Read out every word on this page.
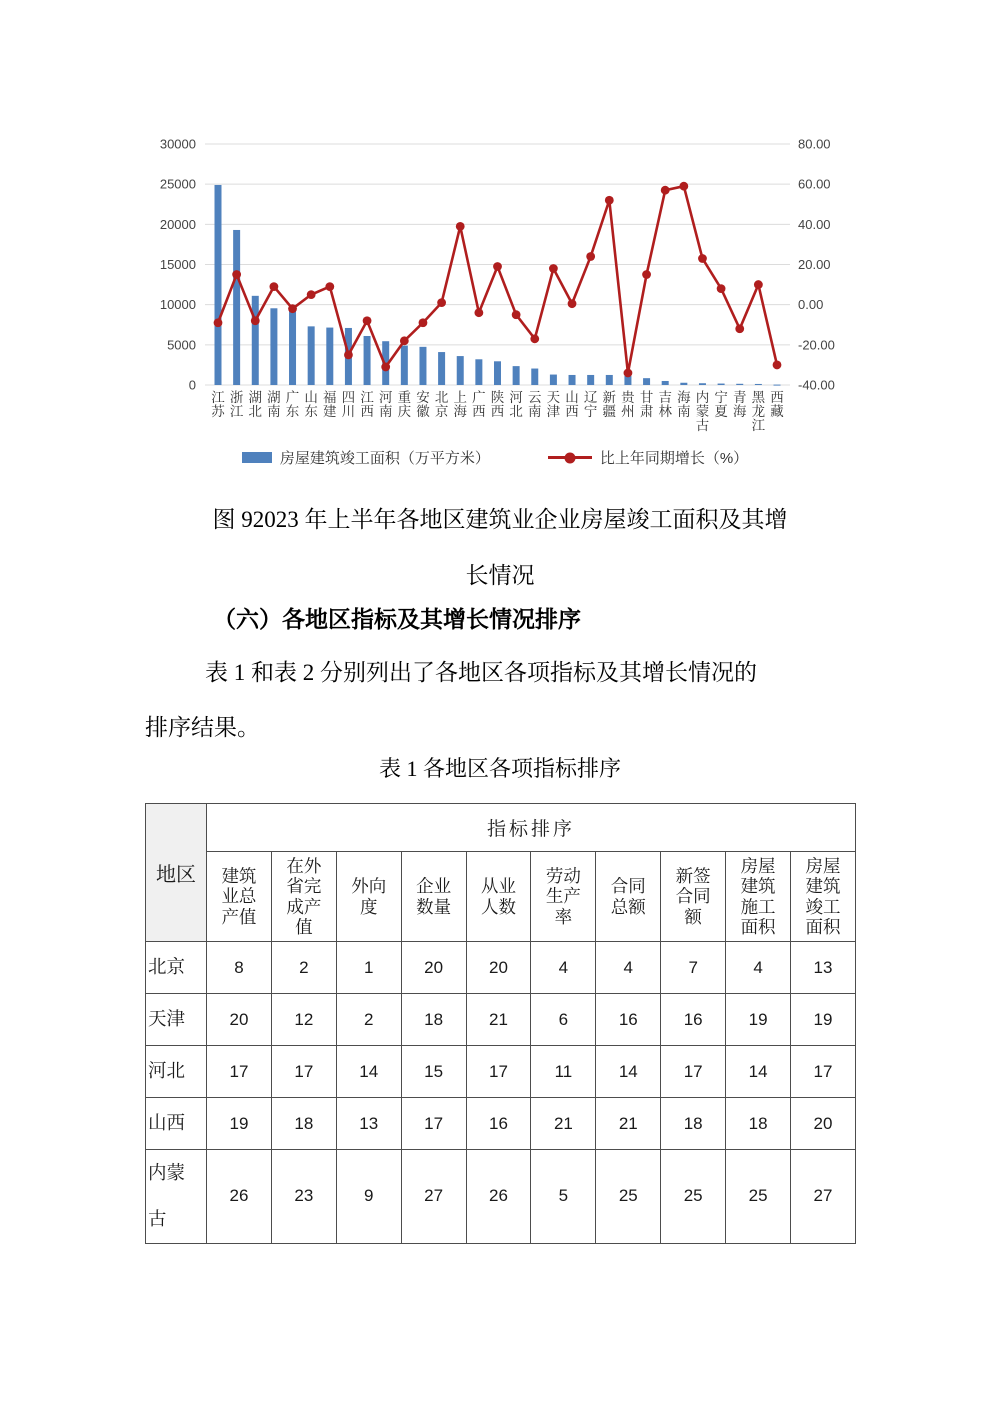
30000	80.00
25000	60.00
20000	40.00
15000	20.00
10000	0.00
5000	-20.00
0	-40.00
江苏
浙江
湖北
湖南
广东
山东
福建
四川
江西
河南
重庆
安徽
北京
上海
广西
陕西
河北
云南
天津
山西
辽宁
新疆
贵州
甘肃
吉林
海南
内蒙古
宁夏
青海
黑龙江
西藏
房屋建筑竣工面积（万平方米）	比上年同期增长（%）
图 92023 年上半年各地区建筑业企业房屋竣工面积及其增
长情况
（六）各地区指标及其增长情况排序
表 1 和表 2 分别列出了各地区各项指标及其增长情况的
排序结果。
表 1 各地区各项指标排序
地区	指标排序									
	建筑业总产值	在外省完成产值	外向度	企业数量	从业人数	劳动生产率	合同总额	新签合同额	房屋建筑施工面积	房屋建筑竣工面积
北京	8	2	1	20	20	4	4	7	4	13
天津	20	12	2	18	21	6	16	16	19	19
河北	17	17	14	15	17	11	14	17	14	17
山西	19	18	13	17	16	21	21	18	18	20
内蒙古	26	23	9	27	26	5	25	25	25	27
